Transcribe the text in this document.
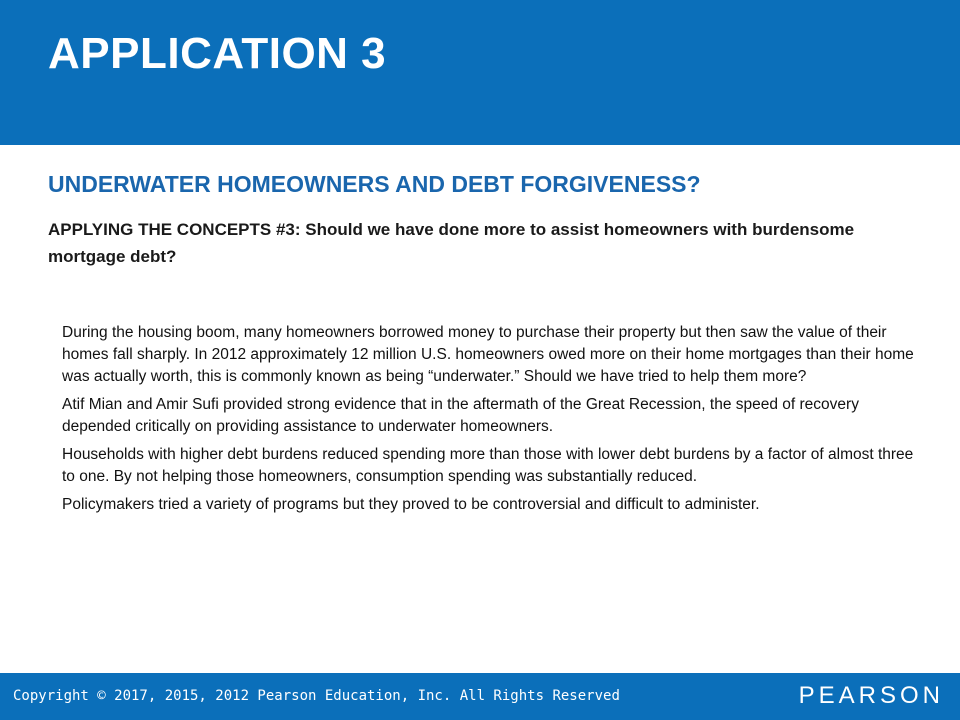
APPLICATION 3
UNDERWATER HOMEOWNERS AND DEBT FORGIVENESS?

APPLYING THE CONCEPTS #3: Should we have done more to assist homeowners with burdensome mortgage debt?

During the housing boom, many homeowners borrowed money to purchase their property but then saw the value of their homes fall sharply. In 2012 approximately 12 million U.S. homeowners owed more on their home mortgages than their home was actually worth, this is commonly known as being “underwater.” Should we have tried to help them more?

Atif Mian and Amir Sufi provided strong evidence that in the aftermath of the Great Recession, the speed of recovery depended critically on providing assistance to underwater homeowners.

Households with higher debt burdens reduced spending more than those with lower debt burdens by a factor of almost three to one. By not helping those homeowners, consumption spending was substantially reduced.

Policymakers tried a variety of programs but they proved to be controversial and difficult to administer.

Copyright © 2017, 2015, 2012 Pearson Education, Inc. All Rights Reserved	PEARSON
